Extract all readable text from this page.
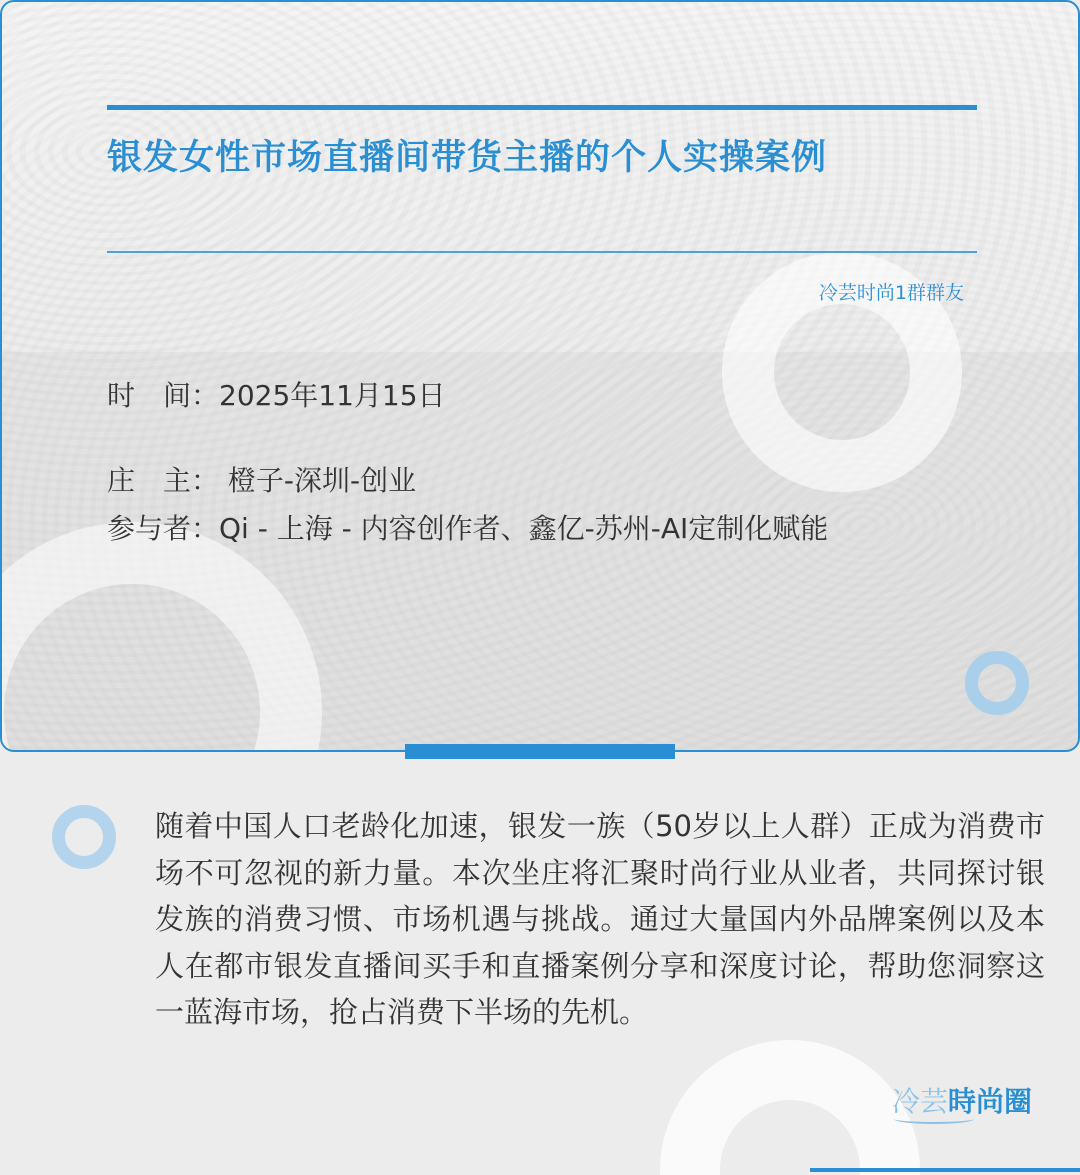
银发女性市场直播间带货主播的个人实操案例
冷芸时尚1群群友
时　间：2025年11月15日
庄　主： 橙子-深圳-创业
参与者：Qi - 上海 - 内容创作者、鑫亿-苏州-AI定制化赋能

随着中国人口老龄化加速，银发一族（50岁以上人群）正成为消费市场不可忽视的新力量。本次坐庄将汇聚时尚行业从业者，共同探讨银发族的消费习惯、市场机遇与挑战。通过大量国内外品牌案例以及本人在都市银发直播间买手和直播案例分享和深度讨论，帮助您洞察这一蓝海市场，抢占消费下半场的先机。

冷芸時尚圈
